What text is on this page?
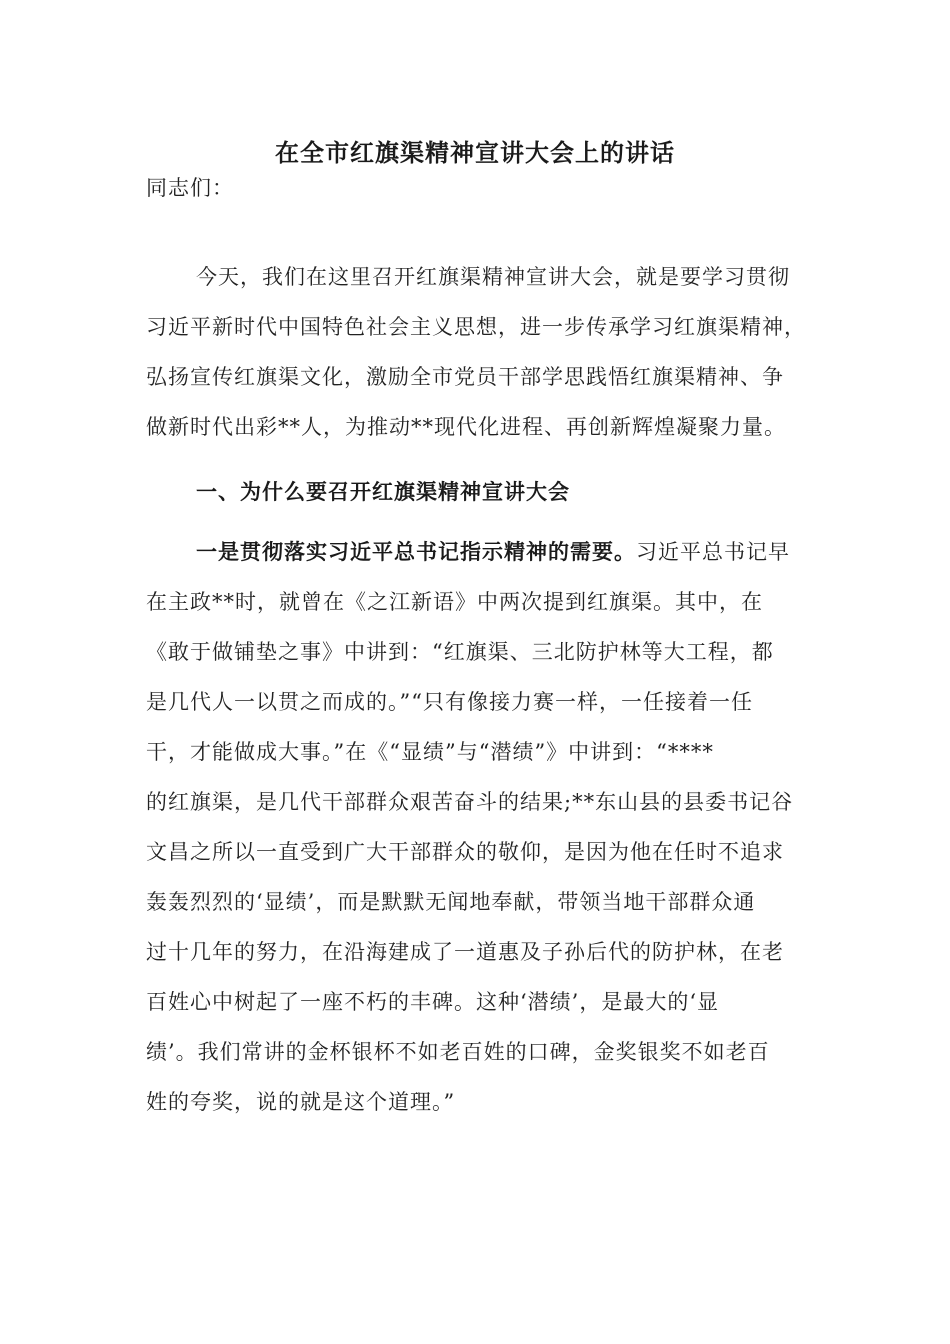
在全市红旗渠精神宣讲大会上的讲话
同志们：
今天，我们在这里召开红旗渠精神宣讲大会，就是要学习贯彻
习近平新时代中国特色社会主义思想，进一步传承学习红旗渠精神，
弘扬宣传红旗渠文化，激励全市党员干部学思践悟红旗渠精神、争
做新时代出彩**人，为推动**现代化进程、再创新辉煌凝聚力量。
一、为什么要召开红旗渠精神宣讲大会
一是贯彻落实习近平总书记指示精神的需要。习近平总书记早
在主政**时，就曾在《之江新语》中两次提到红旗渠。其中，在
《敢于做铺垫之事》中讲到：“红旗渠、三北防护林等大工程，都
是几代人一以贯之而成的。”“只有像接力赛一样，一任接着一任
干，才能做成大事。”在《“显绩”与“潜绩”》中讲到：“****
的红旗渠，是几代干部群众艰苦奋斗的结果;**东山县的县委书记谷
文昌之所以一直受到广大干部群众的敬仰，是因为他在任时不追求
轰轰烈烈的‘显绩’，而是默默无闻地奉献，带领当地干部群众通
过十几年的努力，在沿海建成了一道惠及子孙后代的防护林，在老
百姓心中树起了一座不朽的丰碑。这种‘潜绩’，是最大的‘显
绩’。我们常讲的金杯银杯不如老百姓的口碑，金奖银奖不如老百
姓的夸奖，说的就是这个道理。”
